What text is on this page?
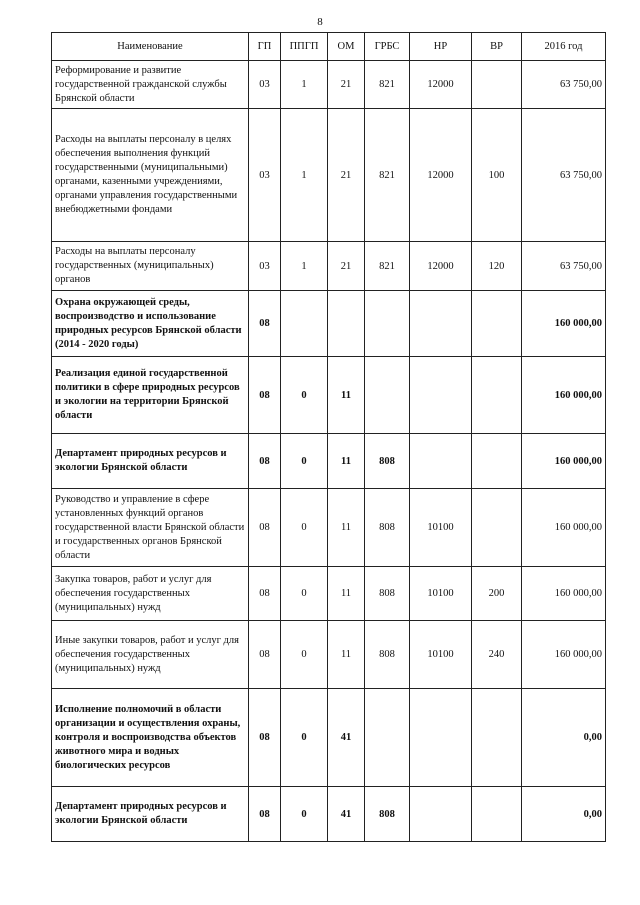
8
Наименование	ГП	ППГП	ОМ	ГРБС	НР	ВР	2016 год
Реформирование и развитие государственной гражданской службы Брянской области	03	1	21	821	12000		63 750,00
Расходы на выплаты персоналу в целях обеспечения выполнения функций государственными (муниципальными) органами, казенными учреждениями, органами управления государственными внебюджетными фондами	03	1	21	821	12000	100	63 750,00
Расходы на выплаты персоналу государственных (муниципальных) органов	03	1	21	821	12000	120	63 750,00
Охрана окружающей среды, воспроизводство и использование природных ресурсов Брянской области (2014 - 2020 годы)	08						160 000,00
Реализация единой государственной политики в сфере природных ресурсов и экологии на территории Брянской области	08	0	11				160 000,00
Департамент природных ресурсов и экологии Брянской области	08	0	11	808			160 000,00
Руководство и управление в сфере установленных функций органов государственной власти Брянской области и государственных органов Брянской области	08	0	11	808	10100		160 000,00
Закупка товаров, работ и услуг для обеспечения государственных (муниципальных) нужд	08	0	11	808	10100	200	160 000,00
Иные закупки товаров, работ и услуг для обеспечения государственных (муниципальных) нужд	08	0	11	808	10100	240	160 000,00
Исполнение полномочий в области организации и осуществления охраны, контроля и воспроизводства объектов животного мира и водных биологических ресурсов	08	0	41				0,00
Департамент природных ресурсов и экологии Брянской области	08	0	41	808			0,00
